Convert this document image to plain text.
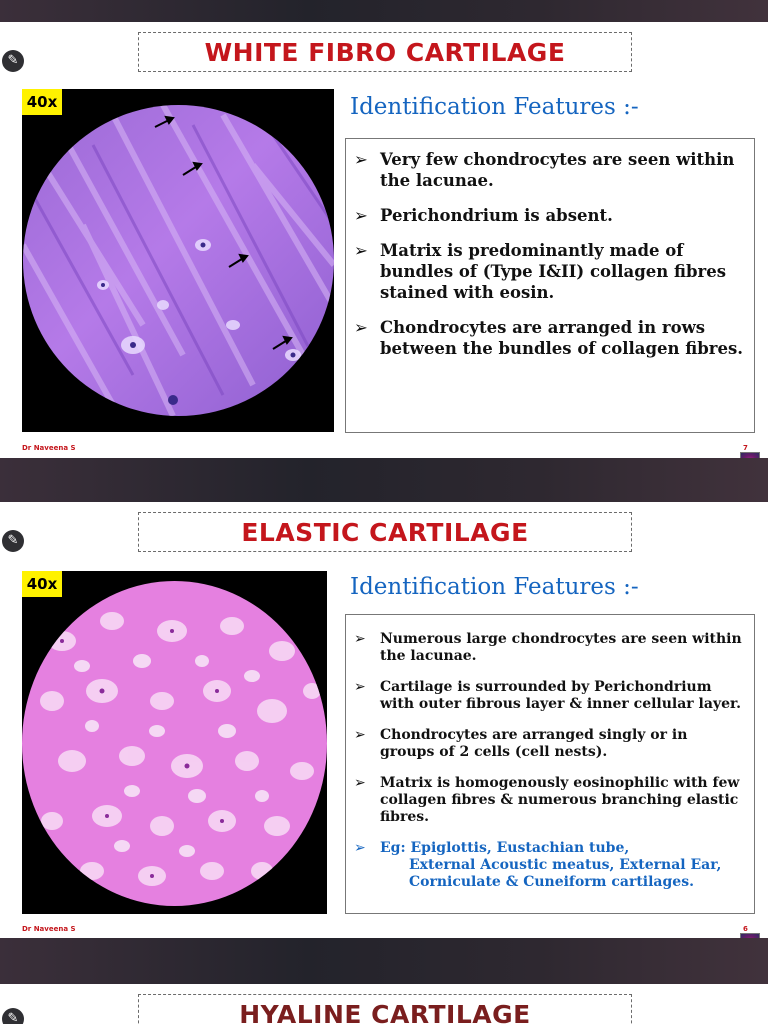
✎	WHITE FIBRO CARTILAGE
40x	Identification Features :-
➢ Very few chondrocytes are seen within the lacunae.
➢ Perichondrium is absent.
➢ Matrix is predominantly made of bundles of (Type I&II) collagen fibres stained with eosin.
➢ Chondrocytes are arranged in rows between the bundles of collagen fibres.
Dr Naveena S	7
✎	ELASTIC CARTILAGE
40x	Identification Features :-
➢ Numerous large chondrocytes are seen within the lacunae.
➢ Cartilage is surrounded by Perichondrium with outer fibrous layer & inner cellular layer.
➢ Chondrocytes are arranged singly or in groups of 2 cells (cell nests).
➢ Matrix is homogenously eosinophilic with few collagen fibres & numerous branching elastic fibres.
➢ Eg: Epiglottis, Eustachian tube,
External Acoustic meatus, External Ear,
Corniculate & Cuneiform cartilages.
Dr Naveena S	6
✎	HYALINE CARTILAGE
